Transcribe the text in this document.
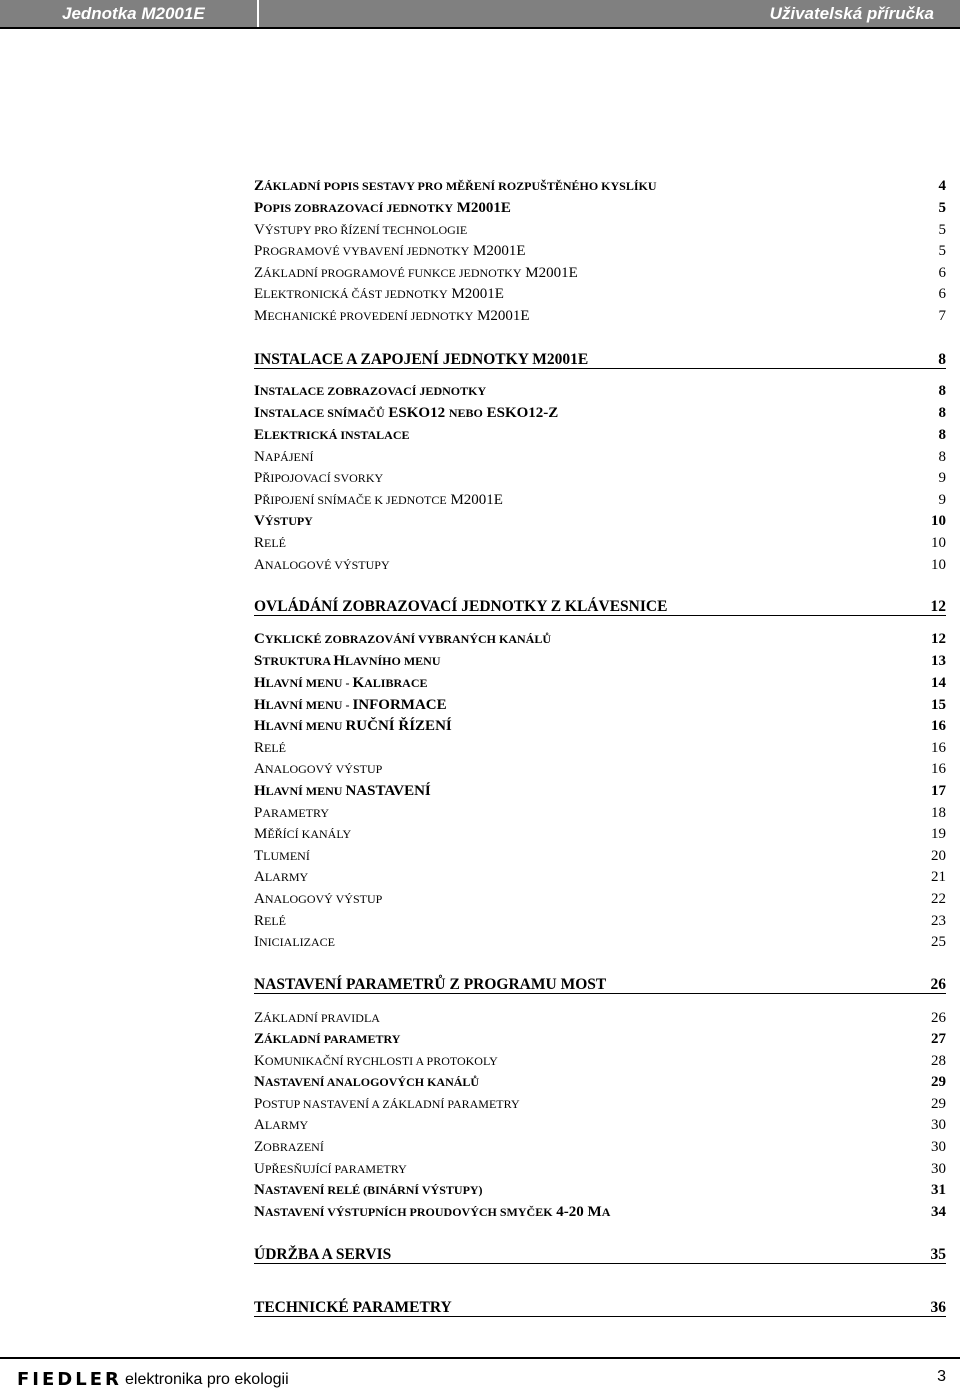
Jednotka M2001E	Uživatelská příručka
ZÁKLADNÍ POPIS SESTAVY PRO MĚŘENÍ ROZPUŠTĚNÉHO KYSLÍKU	4
POPIS ZOBRAZOVACÍ JEDNOTKY M2001E	5
VÝSTUPY PRO ŘÍZENÍ TECHNOLOGIE	5
PROGRAMOVÉ VYBAVENÍ JEDNOTKY M2001E	5
ZÁKLADNÍ PROGRAMOVÉ FUNKCE JEDNOTKY M2001E	6
ELEKTRONICKÁ ČÁST JEDNOTKY M2001E	6
MECHANICKÉ PROVEDENÍ JEDNOTKY M2001E	7
INSTALACE A ZAPOJENÍ JEDNOTKY M2001E	8
INSTALACE ZOBRAZOVACÍ JEDNOTKY	8
INSTALACE SNÍMAČŮ ESKO12 NEBO ESKO12-Z	8
ELEKTRICKÁ INSTALACE	8
NAPÁJENÍ	8
PŘIPOJOVACÍ SVORKY	9
PŘIPOJENÍ SNÍMAČE K JEDNOTCE M2001E	9
VÝSTUPY	10
RELÉ	10
ANALOGOVÉ VÝSTUPY	10
OVLÁDÁNÍ ZOBRAZOVACÍ JEDNOTKY Z KLÁVESNICE	12
CYKLICKÉ ZOBRAZOVÁNÍ VYBRANÝCH KANÁLŮ	12
STRUKTURA HLAVNÍHO MENU	13
HLAVNÍ MENU - KALIBRACE	14
HLAVNÍ MENU - INFORMACE	15
HLAVNÍ MENU RUČNÍ ŘÍZENÍ	16
RELÉ	16
ANALOGOVÝ VÝSTUP	16
HLAVNÍ MENU NASTAVENÍ	17
PARAMETRY	18
MĚŘÍCÍ KANÁLY	19
TLUMENÍ	20
ALARMY	21
ANALOGOVÝ VÝSTUP	22
RELÉ	23
INICIALIZACE	25
NASTAVENÍ PARAMETRŮ Z PROGRAMU MOST	26
ZÁKLADNÍ PRAVIDLA	26
ZÁKLADNÍ PARAMETRY	27
KOMUNIKAČNÍ RYCHLOSTI A PROTOKOLY	28
NASTAVENÍ ANALOGOVÝCH KANÁLŮ	29
POSTUP NASTAVENÍ A ZÁKLADNÍ PARAMETRY	29
ALARMY	30
ZOBRAZENÍ	30
UPŘESŇUJÍCÍ PARAMETRY	30
NASTAVENÍ RELÉ (BINÁRNÍ VÝSTUPY)	31
NASTAVENÍ VÝSTUPNÍCH PROUDOVÝCH SMYČEK 4-20 MA	34
ÚDRŽBA A SERVIS	35
TECHNICKÉ PARAMETRY	36
FIEDLER elektronika pro ekologii	3
